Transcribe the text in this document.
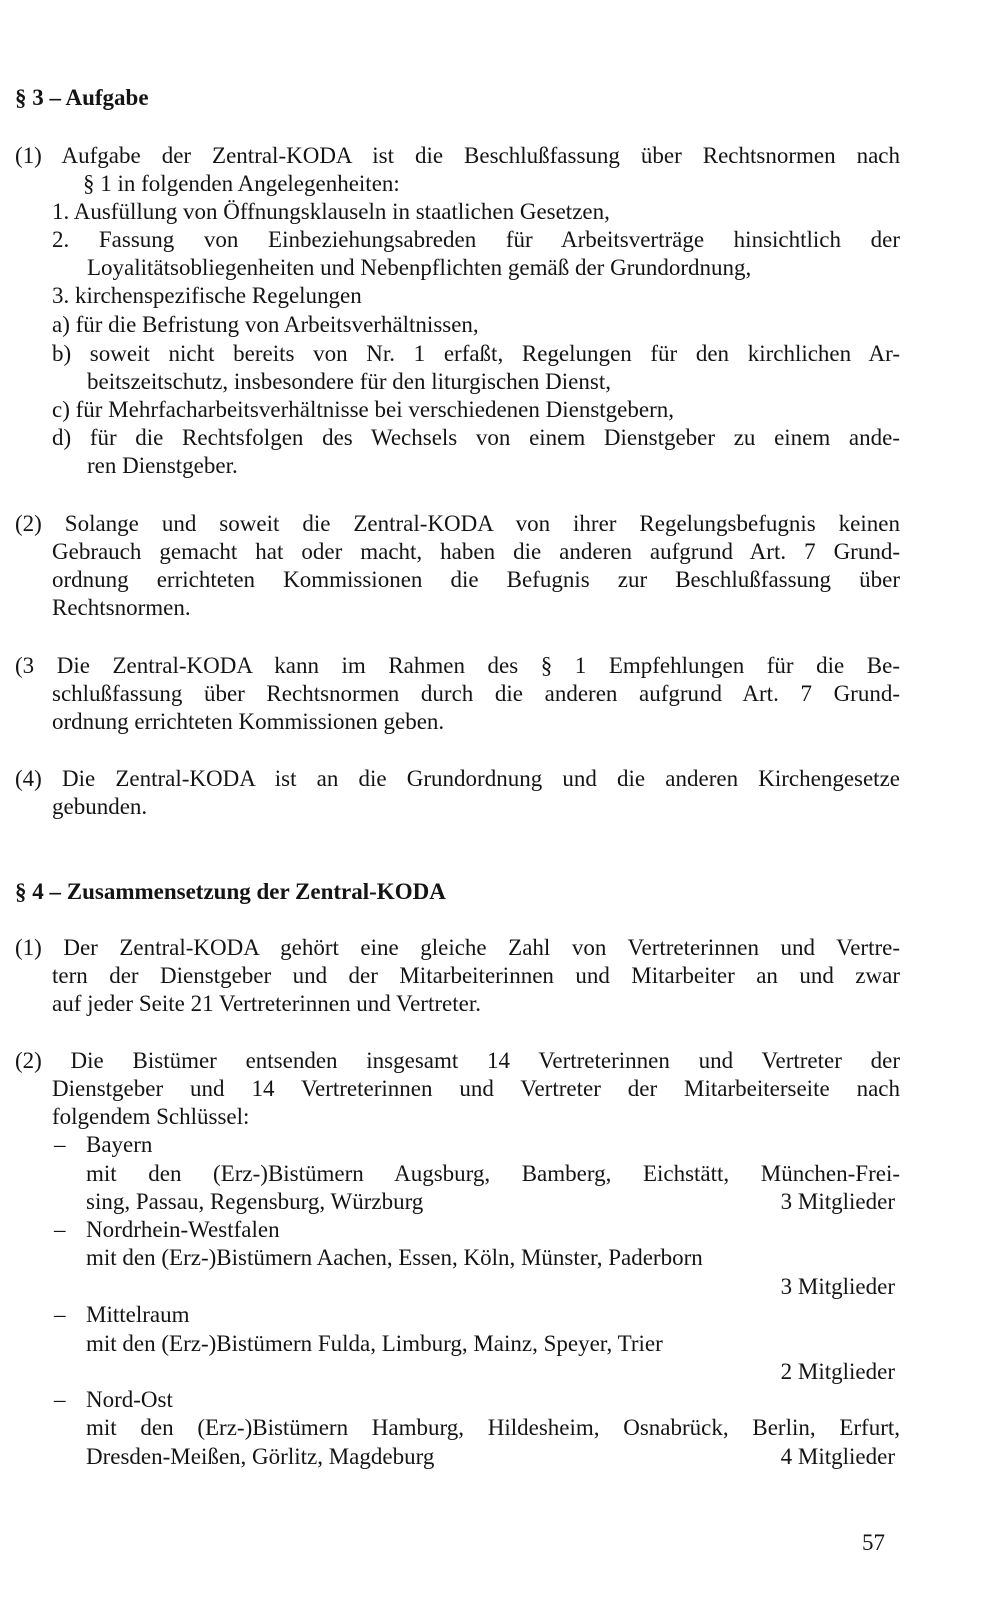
§ 3 – Aufgabe
(1) Aufgabe der Zentral-KODA ist die Beschlußfassung über Rechtsnormen nach
§ 1 in folgenden Angelegenheiten:
1. Ausfüllung von Öffnungsklauseln in staatlichen Gesetzen,
2. Fassung von Einbeziehungsabreden für Arbeitsverträge hinsichtlich der
Loyalitätsobliegenheiten und Nebenpflichten gemäß der Grundordnung,
3. kirchenspezifische Regelungen
a) für die Befristung von Arbeitsverhältnissen,
b) soweit nicht bereits von Nr. 1 erfaßt, Regelungen für den kirchlichen Ar-
beitszeitschutz, insbesondere für den liturgischen Dienst,
c) für Mehrfacharbeitsverhältnisse bei verschiedenen Dienstgebern,
d) für die Rechtsfolgen des Wechsels von einem Dienstgeber zu einem ande-
ren Dienstgeber.
(2) Solange und soweit die Zentral-KODA von ihrer Regelungsbefugnis keinen
Gebrauch gemacht hat oder macht, haben die anderen aufgrund Art. 7 Grund-
ordnung errichteten Kommissionen die Befugnis zur Beschlußfassung über
Rechtsnormen.
(3 Die Zentral-KODA kann im Rahmen des § 1 Empfehlungen für die Be-
schlußfassung über Rechtsnormen durch die anderen aufgrund Art. 7 Grund-
ordnung errichteten Kommissionen geben.
(4) Die Zentral-KODA ist an die Grundordnung und die anderen Kirchengesetze
gebunden.
§ 4 – Zusammensetzung der Zentral-KODA
(1) Der Zentral-KODA gehört eine gleiche Zahl von Vertreterinnen und Vertre-
tern der Dienstgeber und der Mitarbeiterinnen und Mitarbeiter an und zwar
auf jeder Seite 21 Vertreterinnen und Vertreter.
(2) Die Bistümer entsenden insgesamt 14 Vertreterinnen und Vertreter der
Dienstgeber und 14 Vertreterinnen und Vertreter der Mitarbeiterseite nach
folgendem Schlüssel:
– Bayern
mit den (Erz-)Bistümern Augsburg, Bamberg, Eichstätt, München-Frei-
sing, Passau, Regensburg, Würzburg	3 Mitglieder
– Nordrhein-Westfalen
mit den (Erz-)Bistümern Aachen, Essen, Köln, Münster, Paderborn
3 Mitglieder
– Mittelraum
mit den (Erz-)Bistümern Fulda, Limburg, Mainz, Speyer, Trier
2 Mitglieder
– Nord-Ost
mit den (Erz-)Bistümern Hamburg, Hildesheim, Osnabrück, Berlin, Erfurt,
Dresden-Meißen, Görlitz, Magdeburg	4 Mitglieder
57
